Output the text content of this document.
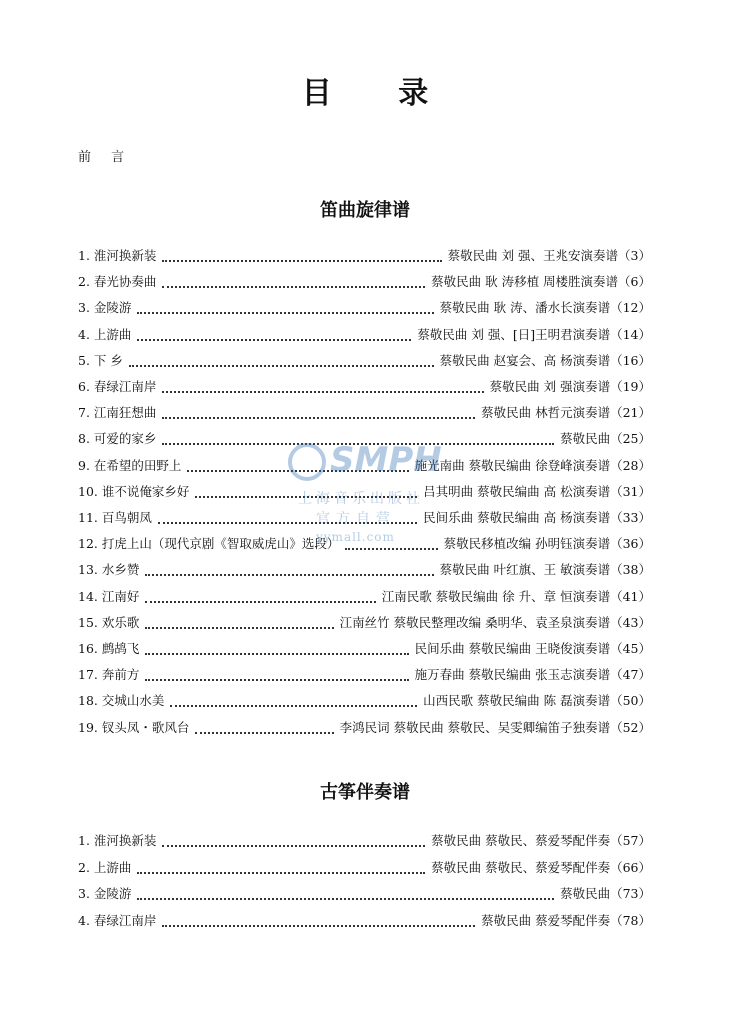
目 录
前 言
笛曲旋律谱
1. 淮河换新装	蔡敬民曲 刘 强、王兆安演奏谱（3）
2. 春光协奏曲	蔡敬民曲 耿 涛移植 周楼胜演奏谱（6）
3. 金陵游	蔡敬民曲 耿 涛、潘水长演奏谱（12）
4. 上游曲	蔡敬民曲 刘 强、[日]王明君演奏谱（14）
5. 下 乡	蔡敬民曲 赵宴会、高 杨演奏谱（16）
6. 春绿江南岸	蔡敬民曲 刘 强演奏谱（19）
7. 江南狂想曲	蔡敬民曲 林哲元演奏谱（21）
8. 可爱的家乡	蔡敬民曲（25）
9. 在希望的田野上	施光南曲 蔡敬民编曲 徐登峰演奏谱（28）
10. 谁不说俺家乡好	吕其明曲 蔡敬民编曲 高 松演奏谱（31）
11. 百鸟朝凤	民间乐曲 蔡敬民编曲 高 杨演奏谱（33）
12. 打虎上山（现代京剧《智取威虎山》选段）	蔡敬民移植改编 孙明钰演奏谱（36）
13. 水乡赞	蔡敬民曲 叶红旗、王 敏演奏谱（38）
14. 江南好	江南民歌 蔡敬民编曲 徐 升、章 恒演奏谱（41）
15. 欢乐歌	江南丝竹 蔡敬民整理改编 桑明华、袁圣泉演奏谱（43）
16. 鹧鸪飞	民间乐曲 蔡敬民编曲 王晓俊演奏谱（45）
17. 奔前方	施万春曲 蔡敬民编曲 张玉志演奏谱（47）
18. 交城山水美	山西民歌 蔡敬民编曲 陈 磊演奏谱（50）
19. 钗头凤・歌风台	李鸿民词 蔡敬民曲 蔡敬民、吴雯卿编笛子独奏谱（52）
古筝伴奏谱
1. 淮河换新装	蔡敬民曲 蔡敬民、蔡爱琴配伴奏（57）
2. 上游曲	蔡敬民曲 蔡敬民、蔡爱琴配伴奏（66）
3. 金陵游	蔡敬民曲（73）
4. 春绿江南岸	蔡敬民曲 蔡爱琴配伴奏（78）
SMPH
上海音乐出版社
官方自营
yymall.com
